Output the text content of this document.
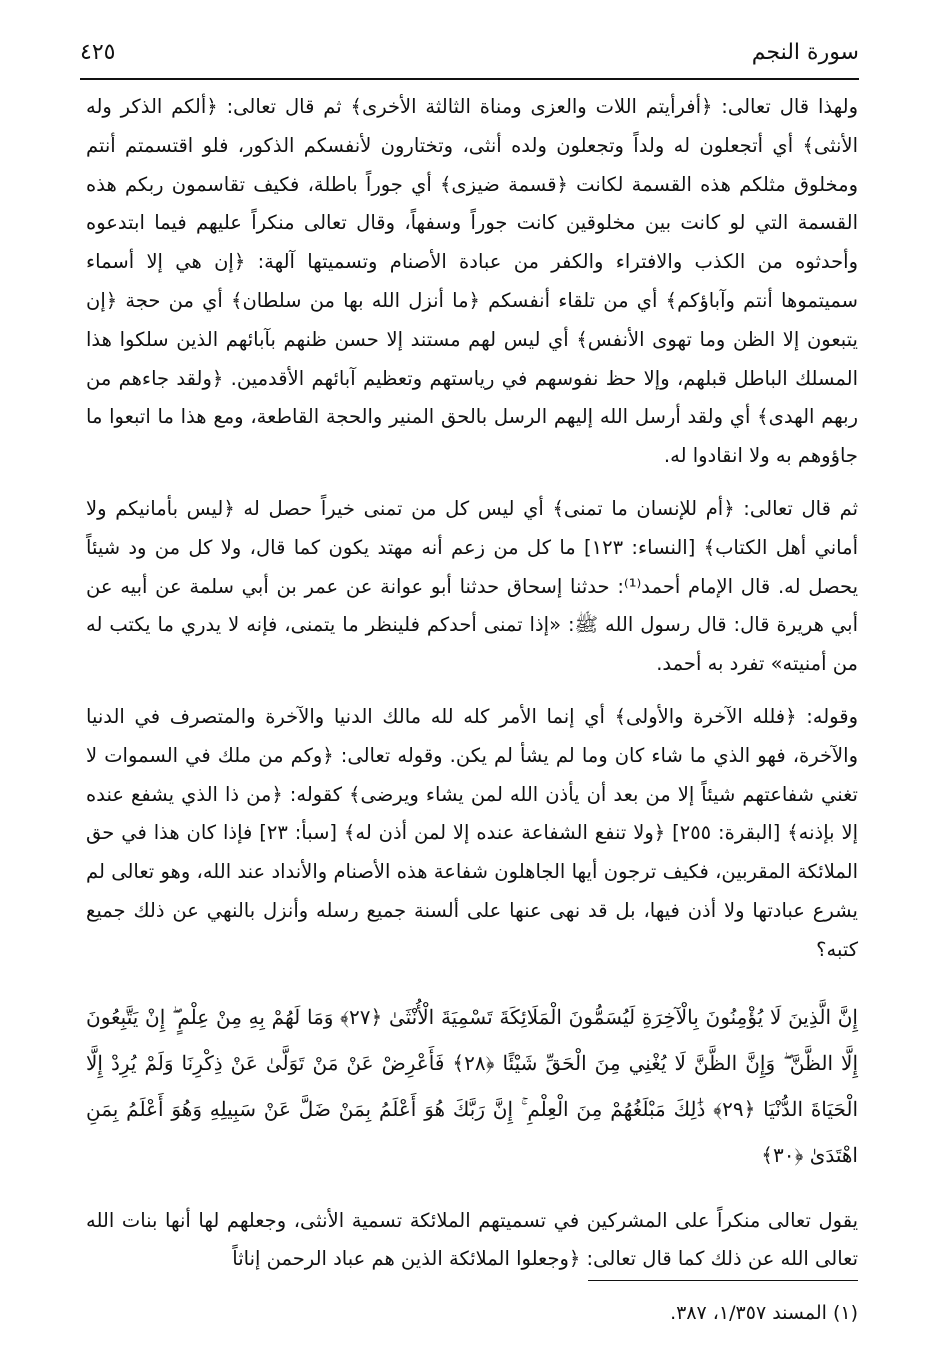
سورة النجم
٤٢٥

ولهذا قال تعالى: ﴿أفرأيتم اللات والعزى ومناة الثالثة الأخرى﴾ ثم قال تعالى: ﴿ألكم الذكر وله الأنثى﴾ أي أتجعلون له ولداً وتجعلون ولده أنثى، وتختارون لأنفسكم الذكور، فلو اقتسمتم أنتم ومخلوق مثلكم هذه القسمة لكانت ﴿قسمة ضيزى﴾ أي جوراً باطلة، فكيف تقاسمون ربكم هذه القسمة التي لو كانت بين مخلوقين كانت جوراً وسفهاً، وقال تعالى منكراً عليهم فيما ابتدعوه وأحدثوه من الكذب والافتراء والكفر من عبادة الأصنام وتسميتها آلهة: ﴿إن هي إلا أسماء سميتموها أنتم وآباؤكم﴾ أي من تلقاء أنفسكم ﴿ما أنزل الله بها من سلطان﴾ أي من حجة ﴿إن يتبعون إلا الظن وما تهوى الأنفس﴾ أي ليس لهم مستند إلا حسن ظنهم بآبائهم الذين سلكوا هذا المسلك الباطل قبلهم، وإلا حظ نفوسهم في رياستهم وتعظيم آبائهم الأقدمين. ﴿ولقد جاءهم من ربهم الهدى﴾ أي ولقد أرسل الله إليهم الرسل بالحق المنير والحجة القاطعة، ومع هذا ما اتبعوا ما جاؤوهم به ولا انقادوا له.

ثم قال تعالى: ﴿أم للإنسان ما تمنى﴾ أي ليس كل من تمنى خيراً حصل له ﴿ليس بأمانيكم ولا أماني أهل الكتاب﴾ [النساء: ١٢٣] ما كل من زعم أنه مهتد يكون كما قال، ولا كل من ود شيئاً يحصل له. قال الإمام أحمد⁽¹⁾: حدثنا إسحاق حدثنا أبو عوانة عن عمر بن أبي سلمة عن أبيه عن أبي هريرة قال: قال رسول الله ﷺ: «إذا تمنى أحدكم فلينظر ما يتمنى، فإنه لا يدري ما يكتب له من أمنيته» تفرد به أحمد.

وقوله: ﴿فلله الآخرة والأولى﴾ أي إنما الأمر كله لله مالك الدنيا والآخرة والمتصرف في الدنيا والآخرة، فهو الذي ما شاء كان وما لم يشأ لم يكن. وقوله تعالى: ﴿وكم من ملك في السموات لا تغني شفاعتهم شيئاً إلا من بعد أن يأذن الله لمن يشاء ويرضى﴾ كقوله: ﴿من ذا الذي يشفع عنده إلا بإذنه﴾ [البقرة: ٢٥٥] ﴿ولا تنفع الشفاعة عنده إلا لمن أذن له﴾ [سبأ: ٢٣] فإذا كان هذا في حق الملائكة المقربين، فكيف ترجون أيها الجاهلون شفاعة هذه الأصنام والأنداد عند الله، وهو تعالى لم يشرع عبادتها ولا أذن فيها، بل قد نهى عنها على ألسنة جميع رسله وأنزل بالنهي عن ذلك جميع كتبه؟

إِنَّ الَّذِينَ لَا يُؤْمِنُونَ بِالْآخِرَةِ لَيُسَمُّونَ الْمَلَائِكَةَ تَسْمِيَةَ الْأُنْثَىٰ ﴿٢٧﴾ وَمَا لَهُمْ بِهِ مِنْ عِلْمٍ ۖ إِنْ يَتَّبِعُونَ إِلَّا الظَّنَّ ۖ وَإِنَّ الظَّنَّ لَا يُغْنِي مِنَ الْحَقِّ شَيْئًا ﴿٢٨﴾ فَأَعْرِضْ عَنْ مَنْ تَوَلَّىٰ عَنْ ذِكْرِنَا وَلَمْ يُرِدْ إِلَّا الْحَيَاةَ الدُّنْيَا ﴿٢٩﴾ ذَٰلِكَ مَبْلَغُهُمْ مِنَ الْعِلْمِ ۚ إِنَّ رَبَّكَ هُوَ أَعْلَمُ بِمَنْ ضَلَّ عَنْ سَبِيلِهِ وَهُوَ أَعْلَمُ بِمَنِ اهْتَدَىٰ ﴿٣٠﴾

يقول تعالى منكراً على المشركين في تسميتهم الملائكة تسمية الأنثى، وجعلهم لها أنها بنات الله تعالى الله عن ذلك كما قال تعالى: ﴿وجعلوا الملائكة الذين هم عباد الرحمن إناثاً

(١) المسند ١/٣٥٧، ٣٨٧.
